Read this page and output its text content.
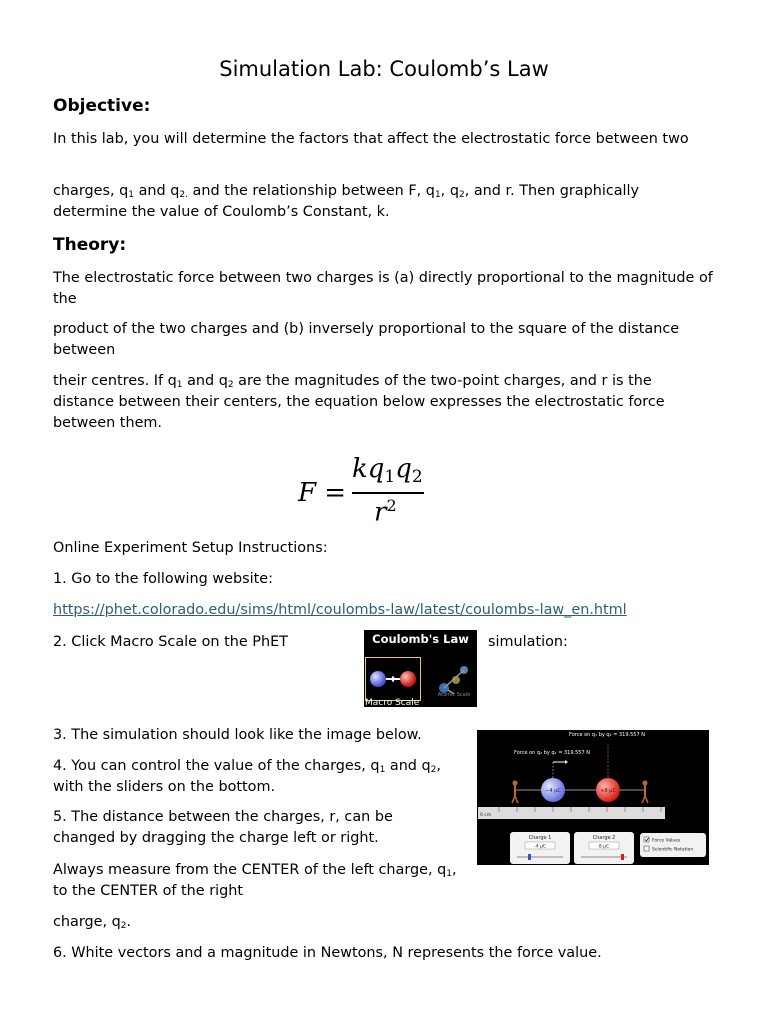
Simulation Lab: Coulomb’s Law
Objective:
In this lab, you will determine the factors that affect the electrostatic force between two
charges, $q_1$ and $q_{2.}$ and the relationship between F, $q_1$, $q_2$, and r. Then graphically determine the value of Coulomb’s Constant, k.
Theory:
The electrostatic force between two charges is (a) directly proportional to the magnitude of the
product of the two charges and (b) inversely proportional to the square of the distance between
their centres. If $q_1$ and $q_2$ are the magnitudes of the two-point charges, and r is the distance between their centers, the equation below expresses the electrostatic force between them.
F =
$kq_1q_2$
$r^2$
Online Experiment Setup Instructions:
1. Go to the following website:
https://phet.colorado.edu/sims/html/coulombs-law/latest/coulombs-law_en.html
2. Click Macro Scale on the PhET	simulation:
Coulomb's Law
Atomic Scale
Macro Scale
3. The simulation should look like the image below.
4. You can control the value of the charges, $q_1$ and $q_2$, with the sliders on the bottom.
5. The distance between the charges, r, can be changed by dragging the charge left or right.
Always measure from the CENTER of the left charge, $q_1$, to the CENTER of the right
charge, $q_2$.
6. White vectors and a magnitude in Newtons, N represents the force value.
Force on q₁ by q₂ = 319.557 N
Force on q₂ by q₁ = 319.557 N
−4 μC	+8 μC
0 cm
Charge 1
-4 μC
Charge 2
8 μC
Force Values
Scientific Notation
